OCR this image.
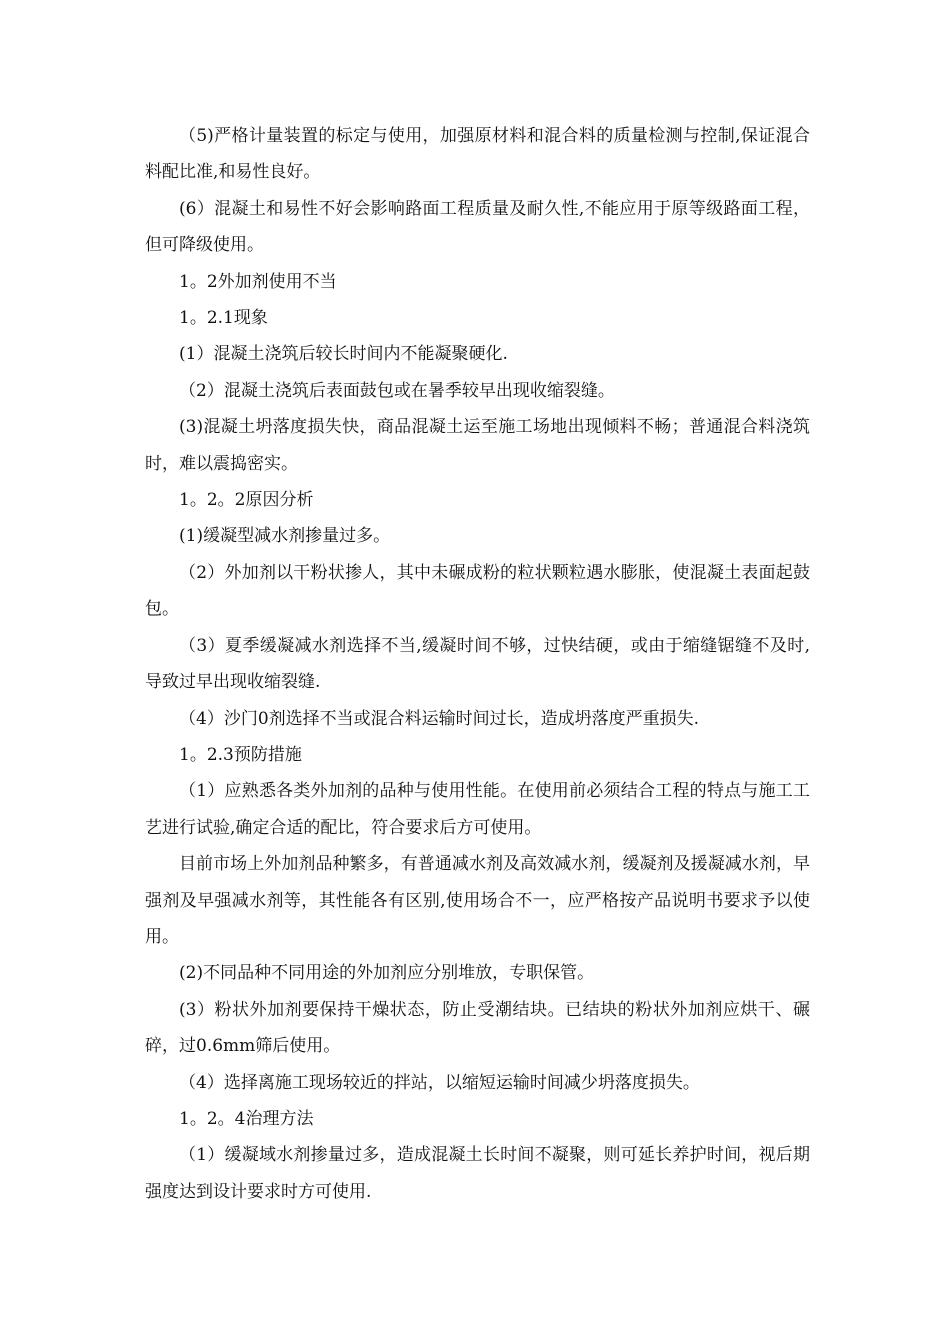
（5)严格计量装置的标定与使用，加强原材料和混合料的质量检测与控制,保证混合料配比准,和易性良好。

(6）混凝土和易性不好会影响路面工程质量及耐久性,不能应用于原等级路面工程，但可降级使用。

1。2外加剂使用不当

1。2.1现象

(1）混凝土浇筑后较长时间内不能凝聚硬化.

（2）混凝土浇筑后表面鼓包或在暑季较早出现收缩裂缝。

(3)混凝土坍落度损失快，商品混凝土运至施工场地出现倾料不畅；普通混合料浇筑时，难以震捣密实。

1。2。2原因分析

(1)缓凝型减水剂掺量过多。

（2）外加剂以干粉状掺人，其中未碾成粉的粒状颗粒遇水膨胀，使混凝土表面起鼓包。

（3）夏季缓凝减水剂选择不当,缓凝时间不够，过快结硬，或由于缩缝锯缝不及时,导致过早出现收缩裂缝.

（4）沙门0剂选择不当或混合料运输时间过长，造成坍落度严重损失.

1。2.3预防措施

（1）应熟悉各类外加剂的品种与使用性能。在使用前必须结合工程的特点与施工工艺进行试验,确定合适的配比，符合要求后方可使用。

目前市场上外加剂品种繁多，有普通减水剂及高效减水剂，缓凝剂及援凝减水剂，早强剂及早强减水剂等，其性能各有区别,使用场合不一，应严格按产品说明书要求予以使用。

(2)不同品种不同用途的外加剂应分别堆放，专职保管。

(3）粉状外加剂要保持干燥状态，防止受潮结块。已结块的粉状外加剂应烘干、碾碎，过0.6mm筛后使用。

（4）选择离施工现场较近的拌站，以缩短运输时间减少坍落度损失。

1。2。4治理方法

（1）缓凝域水剂掺量过多，造成混凝土长时间不凝聚，则可延长养护时间，视后期强度达到设计要求时方可使用.
